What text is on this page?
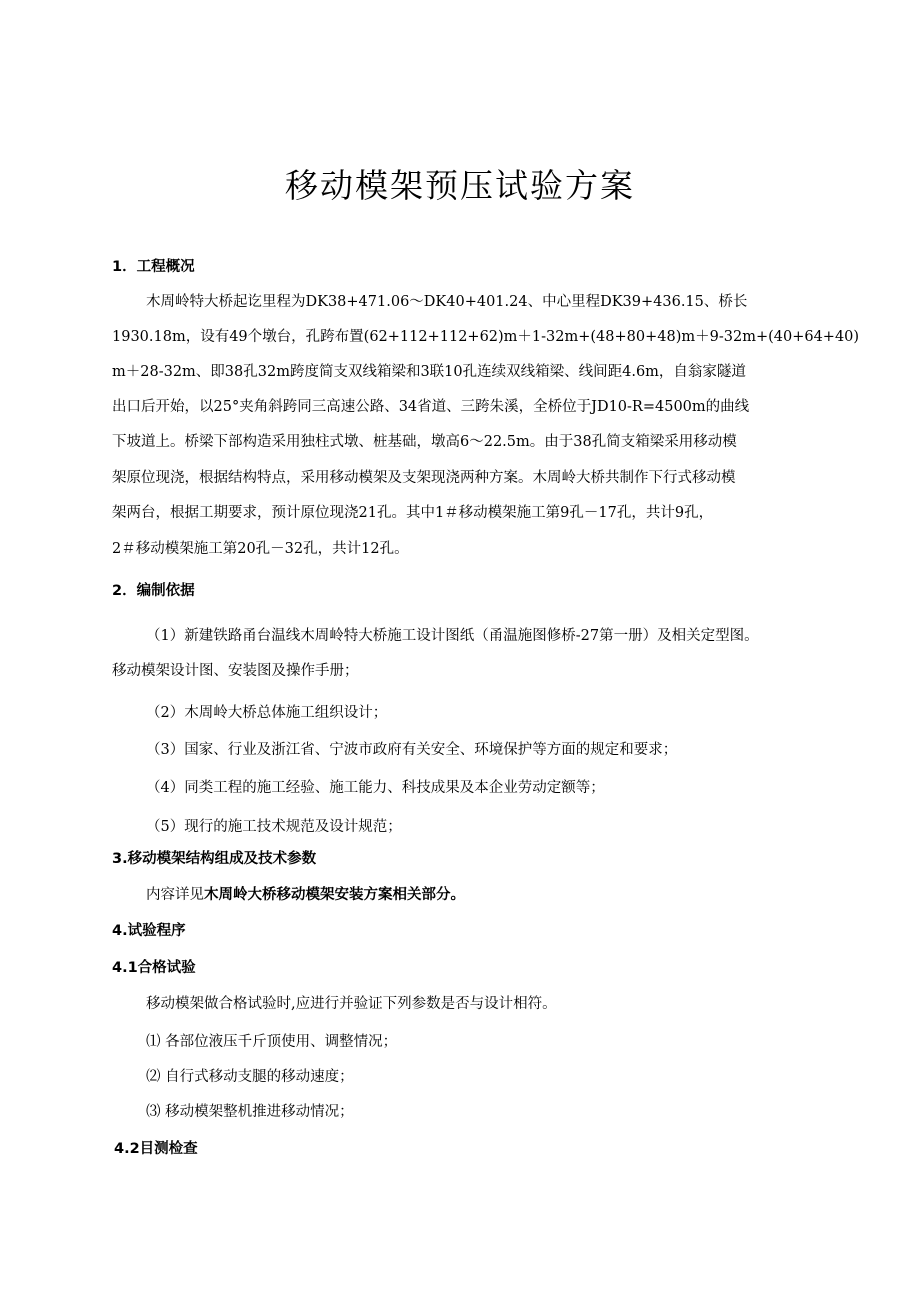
移动模架预压试验方案
1．工程概况
木周岭特大桥起讫里程为DK38+471.06～DK40+401.24、中心里程DK39+436.15、桥长
1930.18m，设有49个墩台，孔跨布置(62+112+112+62)m＋1-32m+(48+80+48)m＋9-32m+(40+64+40)
m＋28-32m、即38孔32m跨度简支双线箱梁和3联10孔连续双线箱梁、线间距4.6m，自翁家隧道
出口后开始，以25°夹角斜跨同三高速公路、34省道、三跨朱溪，全桥位于JD10-R=4500m的曲线
下坡道上。桥梁下部构造采用独柱式墩、桩基础，墩高6～22.5m。由于38孔简支箱梁采用移动模
架原位现浇，根据结构特点，采用移动模架及支架现浇两种方案。木周岭大桥共制作下行式移动模
架两台，根据工期要求，预计原位现浇21孔。其中1＃移动模架施工第9孔－17孔，共计9孔，
2＃移动模架施工第20孔－32孔，共计12孔。
2．编制依据
（1）新建铁路甬台温线木周岭特大桥施工设计图纸（甬温施图修桥-27第一册）及相关定型图。
移动模架设计图、安装图及操作手册；
（2）木周岭大桥总体施工组织设计；
（3）国家、行业及浙江省、宁波市政府有关安全、环境保护等方面的规定和要求；
（4）同类工程的施工经验、施工能力、科技成果及本企业劳动定额等；
（5）现行的施工技术规范及设计规范；
3.移动模架结构组成及技术参数
内容详见木周岭大桥移动模架安装方案相关部分。
4.试验程序
4.1合格试验
移动模架做合格试验时,应进行并验证下列参数是否与设计相符。
⑴ 各部位液压千斤顶使用、调整情况；
⑵ 自行式移动支腿的移动速度；
⑶ 移动模架整机推进移动情况；
4.2目测检查
